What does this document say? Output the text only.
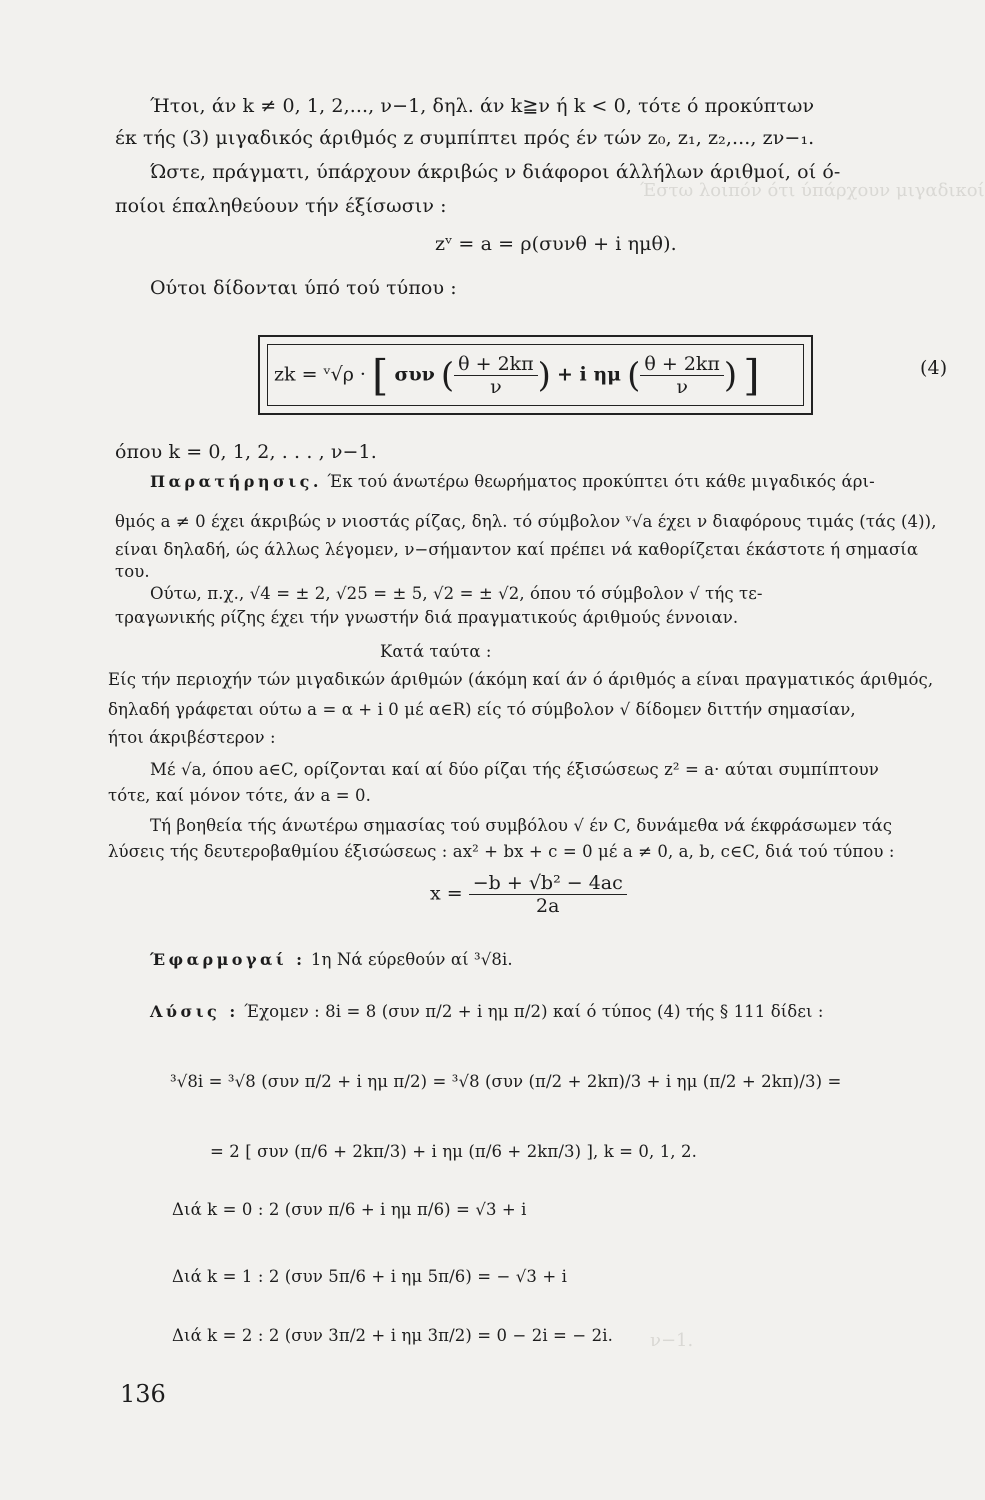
Έστω λοιπόν ότι ύπάρχουν μιγαδικοί
ν−1.
Ήτοι, άν k ≠ 0, 1, 2,..., ν−1, δηλ. άν k≧ν ή k < 0, τότε ό προκύπτων
έκ τής (3) μιγαδικός άριθμός z συμπίπτει πρός έν τών z₀, z₁, z₂,..., zν−₁.
Ώστε, πράγματι, ύπάρχουν άκριβώς ν διάφοροι άλλήλων άριθμοί, οί ό-
ποίοι έπαληθεύουν τήν έξίσωσιν :
zᵛ = a = ρ(συνθ + i ημθ).
Ούτοι δίδονται ύπό τού τύπου :
zk = ᵛ√ρ · [ συν ( $\frac{\theta + 2k\pi}{\nu}$ ) + i ημ ( $\frac{\theta + 2k\pi}{\nu}$ ) ]	(4)
όπου k = 0, 1, 2, . . . , ν−1.
Παρατήρησις. Έκ τού άνωτέρω θεωρήματος προκύπτει ότι κάθε μιγαδικός άρι-
θμός a ≠ 0 έχει άκριβώς ν νιοστάς ρίζας, δηλ. τό σύμβολον ᵛ√a έχει ν διαφόρους τιμάς (τάς (4)),
είναι δηλαδή, ώς άλλως λέγομεν, ν−σήμαντον καί πρέπει νά καθορίζεται έκάστοτε ή σημασία
του.
Ούτω, π.χ., √4 = ± 2, √25 = ± 5, √2 = ± √2, όπου τό σύμβολον √ τής τε-
τραγωνικής ρίζης έχει τήν γνωστήν διά πραγματικούς άριθμούς έννοιαν.
Κατά ταύτα :
Είς τήν περιοχήν τών μιγαδικών άριθμών (άκόμη καί άν ό άριθμός a είναι πραγματικός άριθμός,
δηλαδή γράφεται ούτω a = α + i 0 μέ α∈R) είς τό σύμβολον √ δίδομεν διττήν σημασίαν,
ήτοι άκριβέστερον :
Μέ √a, όπου a∈C, ορίζονται καί αί δύο ρίζαι τής έξισώσεως z² = a· αύται συμπίπτουν
τότε, καί μόνον τότε, άν a = 0.
Τή βοηθεία τής άνωτέρω σημασίας τού συμβόλου √ έν C, δυνάμεθα νά έκφράσωμεν τάς
λύσεις τής δευτεροβαθμίου έξισώσεως : ax² + bx + c = 0 μέ a ≠ 0, a, b, c∈C, διά τού τύπου :
$x = \frac{\text{−b + √b² − 4ac}}{2a}$
Έφαρμογαί : 1η Νά εύρεθούν αί ³√8i.
Λύσις : Έχομεν : 8i = 8 (συν π/2 + i ημ π/2) καί ό τύπος (4) τής § 111 δίδει :
³√8i = ³√8 (συν π/2 + i ημ π/2) = ³√8 (συν (π/2 + 2kπ)/3 + i ημ (π/2 + 2kπ)/3) =
= 2 [ συν (π/6 + 2kπ/3) + i ημ (π/6 + 2kπ/3) ], k = 0, 1, 2.
Διά k = 0 : 2 (συν π/6 + i ημ π/6) = √3 + i
Διά k = 1 : 2 (συν 5π/6 + i ημ 5π/6) = − √3 + i
Διά k = 2 : 2 (συν 3π/2 + i ημ 3π/2) = 0 − 2i = − 2i.
136
